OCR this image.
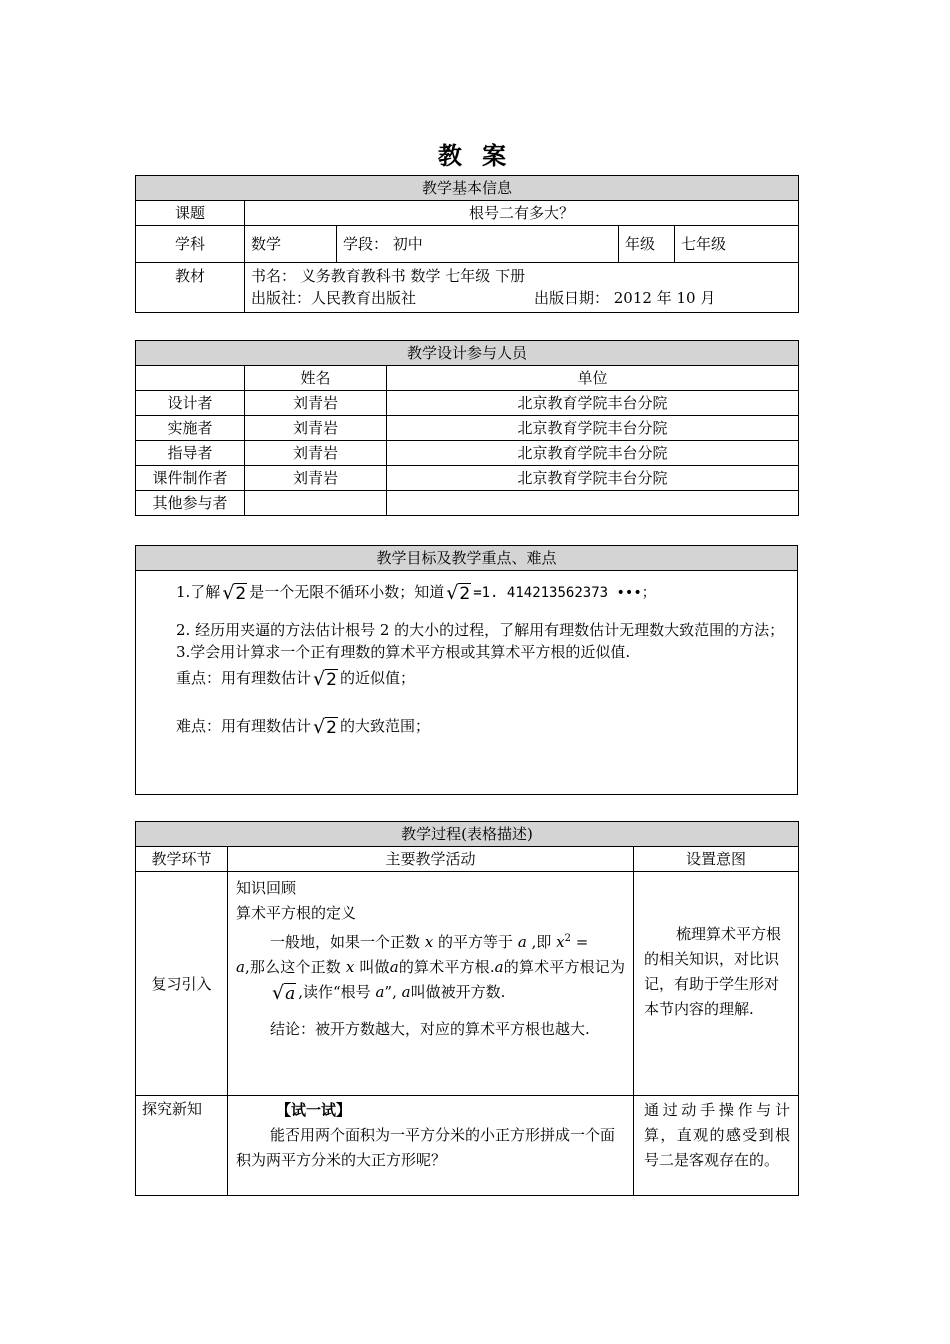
教 案
教学基本信息				
课题	根号二有多大？			
学科	数学	学段： 初中	年级	七年级
教材	书名： 义务教育教科书 数学 七年级 下册
出版社：人民教育出版社 出版日期： 2012 年 10 月			
教学设计参与人员		
	姓名	单位
设计者	刘青岩	北京教育学院丰台分院
实施者	刘青岩	北京教育学院丰台分院
指导者	刘青岩	北京教育学院丰台分院
课件制作者	刘青岩	北京教育学院丰台分院
其他参与者		
教学目标及教学重点、难点

1.了解 √2 是一个无限不循环小数；知道 √2 =1. 414213562373 •••；

2. 经历用夹逼的方法估计根号 2 的大小的过程，了解用有理数估计无理数大致范围的方法；

3.学会用计算求一个正有理数的算术平方根或其算术平方根的近似值.

重点：用有理数估计 √2 的近似值；

难点：用有理数估计 √2 的大致范围；

教学过程(表格描述)		
教学环节	主要教学活动	设置意图
复习引入	知识回顾

算术平方根的定义

一般地，如果一个正数 x 的平方等于 a ,即 $x^2$ =
a,那么这个正数 x 叫做a的算术平方根.a的算术平方根记为√a ,读作“根号 a”, a叫做被开方数.

结论：被开方数越大，对应的算术平方根也越大.	梳理算术平方根的相关知识，对比识记，有助于学生形对本节内容的理解.
探究新知	【试一试】

能否用两个面积为一平方分米的小正方形拼成一个面积为两平方分米的大正方形呢？	通过动手操作与计算，直观的感受到根号二是客观存在的。
